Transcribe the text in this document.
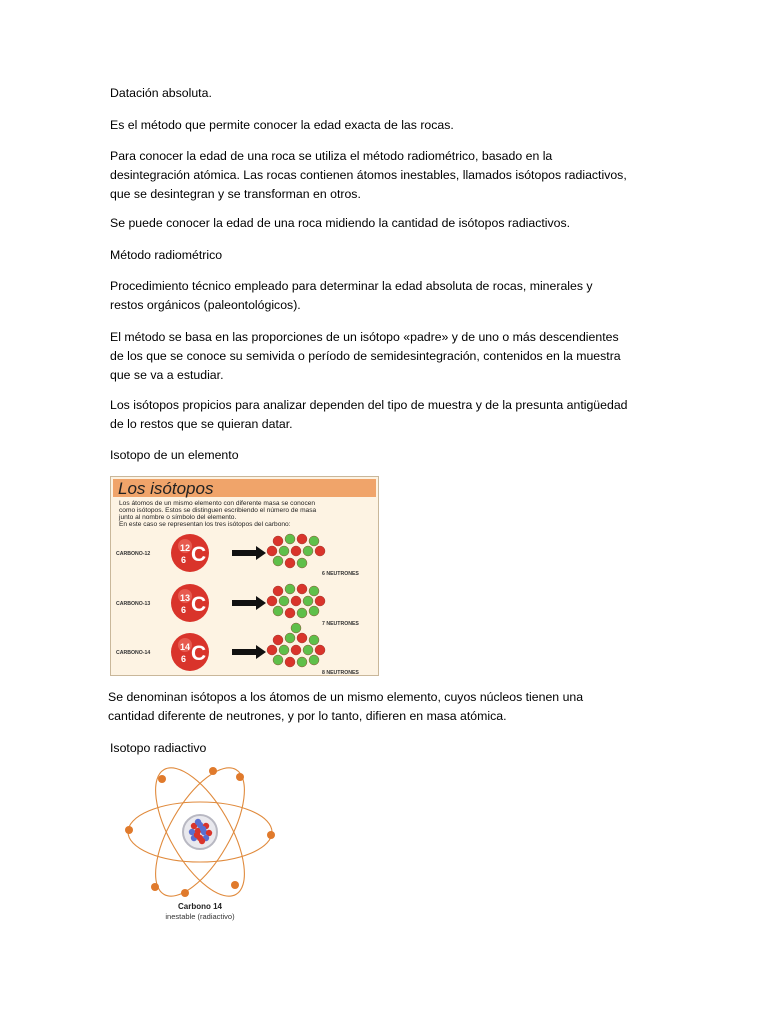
Datación absoluta.

Es el método que permite conocer la edad exacta de las rocas.

Para conocer la edad de una roca se utiliza el método radiométrico, basado en la
desintegración atómica. Las rocas contienen átomos inestables, llamados isótopos radiactivos,
que se desintegran y se transforman en otros.

Se puede conocer la edad de una roca midiendo la cantidad de isótopos radiactivos.

Método radiométrico

Procedimiento técnico empleado para determinar la edad absoluta de rocas, minerales y
restos orgánicos (paleontológicos).

El método se basa en las proporciones de un isótopo «padre» y de uno o más descendientes
de los que se conoce su semivida o período de semidesintegración, contenidos en la muestra
que se va a estudiar.

Los isótopos propicios para analizar dependen del tipo de muestra y de la presunta antigüedad
de lo restos que se quieran datar.

Isotopo de un elemento

Los isótopos
Los átomos de un mismo elemento con diferente masa se conocen
como isótopos. Estos se distinguen escribiendo el número de masa
junto al nombre o símbolo del elemento.
En este caso se representan los tres isótopos del carbono:
CARBONO-12
12
6 C
6 NEUTRONES
CARBONO-13
13
6 C
7 NEUTRONES
CARBONO-14
14
6 C
8 NEUTRONES

Se denominan isótopos a los átomos de un mismo elemento, cuyos núcleos tienen una
cantidad diferente de neutrones, y por lo tanto, difieren en masa atómica.

Isotopo radiactivo

Carbono 14
inestable (radiactivo)
